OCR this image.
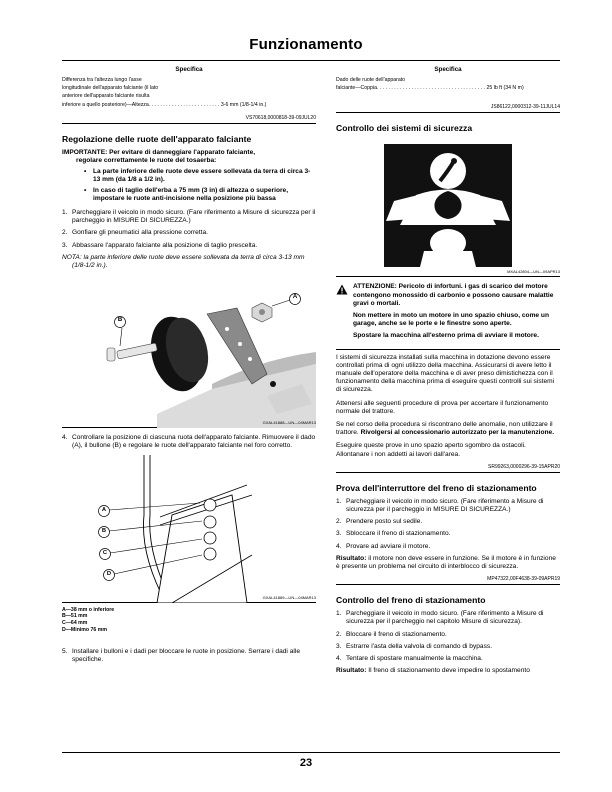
Funzionamento
Specifica
Differenza tra l'altezza lungo l'asse
longitudinale dell'apparato falciante (il lato
anteriore dell'apparato falciante risulta
inferiore a quello posteriore)—Altezza. . . . . . . . . . . . . . . . . . . . . . . . . 3-6 mm (1/8-1/4 in.)
VS70618,0000818-39-09JUL20
Regolazione delle ruote dell'apparato falciante
IMPORTANTE: Per evitare di danneggiare l'apparato falciante,
regolare correttamente le ruote del tosaerba:
• La parte inferiore delle ruote deve essere sollevata da terra di circa 3-13 mm (da 1/8 a 1/2 in).
• In caso di taglio dell'erba a 75 mm (3 in) di altezza o superiore, impostare le ruote anti-incisione nella posizione più bassa
1. Parcheggiare il veicolo in modo sicuro. (Fare riferimento a Misure di sicurezza per il parcheggio in MISURE DI SICUREZZA.)
2. Gonfiare gli pneumatici alla pressione corretta.
3. Abbassare l'apparato falciante alla posizione di taglio prescelta.
NOTA: la parte inferiore delle ruote deve essere sollevata da terra di circa 3-13 mm (1/8-1/2 in.).
A
B
GXAL41888—UN—04MAR13
4. Controllare la posizione di ciascuna ruota dell'apparato falciante. Rimuovere il dado (A), il bullone (B) e regolare le ruote dell'apparato falciante nel foro corretto.
A
B
C
D
GXAL41889—UN—04MAR13
A—38 mm o inferiore
B—51 mm
C—64 mm
D—Minimo 76 mm
5. Installare i bulloni e i dadi per bloccare le ruote in posizione. Serrare i dadi alle specifiche.
Specifica
Dado delle ruote dell'apparato
falciante—Coppia. . . . . . . . . . . . . . . . . . . . . . . . . . . . . . . . . . . . . . 25 lb ft (34 N m)
JS86122,0000312-39-11JUL14
Controllo dei sistemi di sicurezza
MXAL42804—UN—09APR13
ATTENZIONE: Pericolo di infortuni. i gas di scarico del motore contengono monossido di carbonio e possono causare malattie gravi o mortali.
Non mettere in moto un motore in uno spazio chiuso, come un garage, anche se le porte e le finestre sono aperte.
Spostare la macchina all'esterno prima di avviare il motore.

I sistemi di sicurezza installati sulla macchina in dotazione devono essere controllati prima di ogni utilizzo della macchina. Assicurarsi di avere letto il manuale dell'operatore della macchina e di aver preso dimistichezza con il funzionamento della macchina prima di eseguire questi controlli sui sistemi di sicurezza.

Attenersi alle seguenti procedure di prova per accertare il funzionamento normale del trattore.

Se nel corso della procedura si riscontrano delle anomalie, non utilizzare il trattore. Rivolgersi al concessionario autorizzato per la manutenzione.

Eseguire queste prove in uno spazio aperto sgombro da ostacoli. Allontanare i non addetti ai lavori dall'area.

SR99263,0000296-39-15APR20
Prova dell'interruttore del freno di stazionamento
1. Parcheggiare il veicolo in modo sicuro. (Fare riferimento a Misure di sicurezza per il parcheggio in MISURE DI SICUREZZA.)
2. Prendere posto sul sedile.
3. Sbloccare il freno di stazionamento.
4. Provare ad avviare il motore.

Risultato: il motore non deve essere in funzione. Se il motore è in funzione è presente un problema nel circuito di interblocco di sicurezza.

MP47322,00F4638-39-09APR19
Controllo del freno di stazionamento
1. Parcheggiare il veicolo in modo sicuro. (Fare riferimento a Misure di sicurezza per il parcheggio nel capitolo Misure di sicurezza).
2. Bloccare il freno di stazionamento.
3. Estrarre l'asta della valvola di comando di bypass.
4. Tentare di spostare manualmente la macchina.

Risultato: Il freno di stazionamento deve impedire lo spostamento

23
